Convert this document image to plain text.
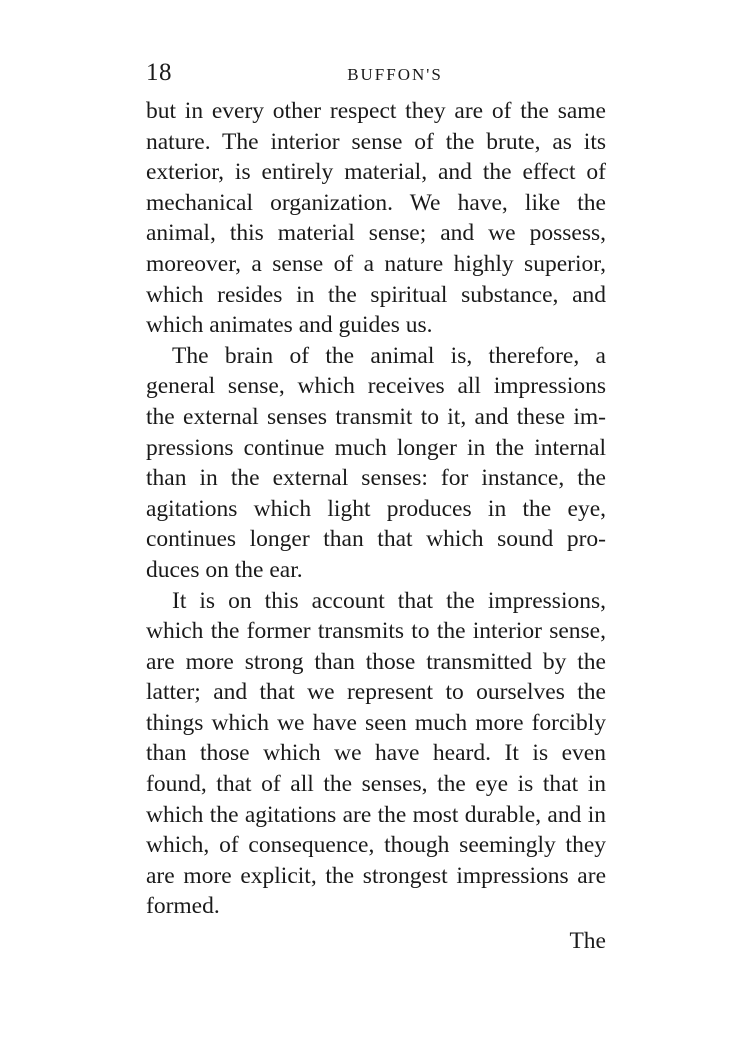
18	BUFFON'S

but in every other respect they are of the same
nature. The interior sense of the brute, as its
exterior, is entirely material, and the effect of
mechanical organization. We have, like the
animal, this material sense; and we possess,
moreover, a sense of a nature highly superior,
which resides in the spiritual substance, and
which animates and guides us.

The brain of the animal is, therefore, a
general sense, which receives all impressions
the external senses transmit to it, and these im-
pressions continue much longer in the internal
than in the external senses: for instance, the
agitations which light produces in the eye,
continues longer than that which sound pro-
duces on the ear.

It is on this account that the impressions,
which the former transmits to the interior sense,
are more strong than those transmitted by the
latter; and that we represent to ourselves the
things which we have seen much more forcibly
than those which we have heard. It is even
found, that of all the senses, the eye is that in
which the agitations are the most durable, and in
which, of consequence, though seemingly they
are more explicit, the strongest impressions are
formed.

The
